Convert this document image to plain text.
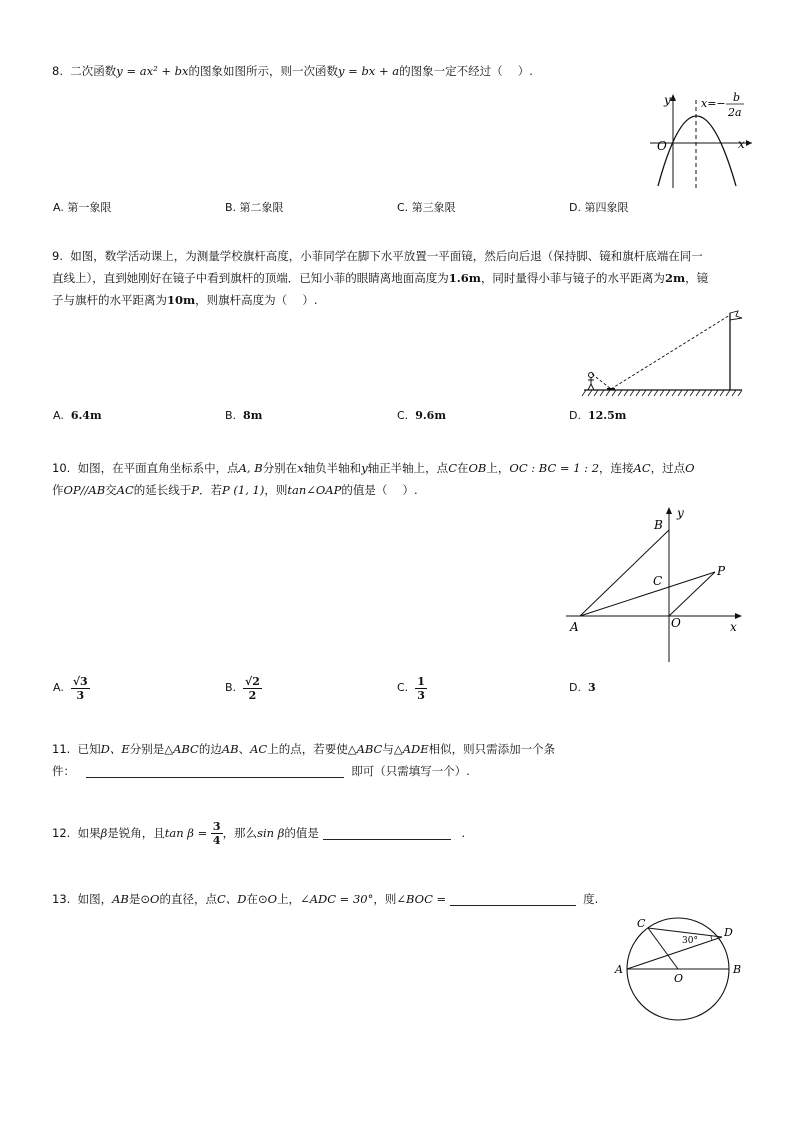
8. 二次函数y = ax² + bx的图象如图所示，则一次函数y = bx + a的图象一定不经过（　 ）.
y
x
O
x=− b
2a
A. 第一象限	B. 第二象限	C. 第三象限	D. 第四象限
9. 如图，数学活动课上，为测量学校旗杆高度，小菲同学在脚下水平放置一平面镜，然后向后退（保持脚、镜和旗杆底端在同一
直线上），直到她刚好在镜子中看到旗杆的顶端．已知小菲的眼睛离地面高度为1.6m，同时量得小菲与镜子的水平距离为2m，镜
子与旗杆的水平距离为10m，则旗杆高度为（　 ）.
A. 6.4m	B. 8m	C. 9.6m	D. 12.5m
10. 如图，在平面直角坐标系中，点A, B分别在x轴负半轴和y轴正半轴上，点C在OB上，OC : BC = 1 : 2，连接AC，过点O
作OP//AB交AC的延长线于P．若P (1, 1)，则tan∠OAP的值是（　 ）.
B
y
C
P
A	O	x
A. $\frac{√3}{3}$	B. $\frac{√2}{2}$	C. $\frac{1}{3}$	D. 3
11. 已知D、E分别是△ABC的边AB、AC上的点，若要使△ABC与△ADE相似，则只需添加一个条
件：	即可（只需填写一个）.
12. 如果β是锐角，且$\tan \beta = \frac{3}{4}$ ，那么sin β的值是	.
13. 如图，AB是⊙O的直径，点C、D在⊙O上，∠ADC = 30°，则∠BOC =	度.
C
D
A	B
O
30°
